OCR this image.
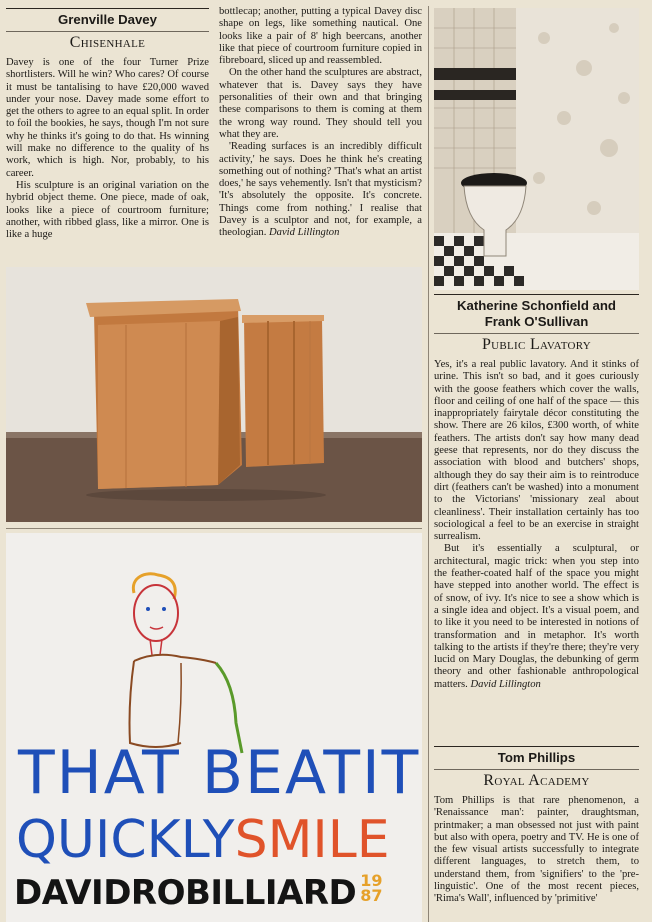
Grenville Davey
Chisenhale

Davey is one of the four Turner Prize shortlisters. Will he win? Who cares? Of course it must be tantalising to have £20,000 waved under your nose. Davey made some effort to get the others to agree to an equal split. In order to foil the bookies, he says, though I'm not sure why he thinks it's going to do that. Hs winning will make no difference to the quality of hs work, which is high. Nor, probably, to his career.

His sculpture is an original variation on the hybrid object theme. One piece, made of oak, looks like a piece of courtroom furniture; another, with ribbed glass, like a mirror. One is like a huge

bottlecap; another, putting a typical Davey disc shape on legs, like something nautical. One looks like a pair of 8' high beercans, another like that piece of courtroom furniture copied in fibreboard, sliced up and reassembled.

On the other hand the sculptures are abstract, whatever that is. Davey says they have personalities of their own and that bringing these comparisons to them is coming at them the wrong way round. They should tell you what they are.

'Reading surfaces is an incredibly difficult activity,' he says. Does he think he's creating something out of nothing? 'That's what an artist does,' he says vehemently. Isn't that mysticism? 'It's absolutely the opposite. It's concrete. Things come from nothing.' I realise that Davey is a sculptor and not, for example, a theologian. David Lillington

THAT BEATIT
QUICKLYSMILE
DAVIDROBILLIARD 19
87
Katherine Schonfield and
Frank O'Sullivan
Public Lavatory

Yes, it's a real public lavatory. And it stinks of urine. This isn't so bad, and it goes curiously with the goose feathers which cover the walls, floor and ceiling of one half of the space — this inappropriately fairytale décor constituting the show. There are 26 kilos, £300 worth, of white feathers. The artists don't say how many dead geese that represents, nor do they discuss the association with blood and butchers' shops, although they do say their aim is to reintroduce dirt (feathers can't be washed) into a monument to the Victorians' 'missionary zeal about cleanliness'. Their installation certainly has too sociological a feel to be an exercise in straight surrealism.

But it's essentially a sculptural, or architectural, magic trick: when you step into the feather-coated half of the space you might have stepped into another world. The effect is of snow, of ivy. It's nice to see a show which is a single idea and object. It's a visual poem, and to like it you need to be interested in notions of transformation and in metaphor. It's worth talking to the artists if they're there; they're very lucid on Mary Douglas, the debunking of germ theory and other fashionable anthropological matters. David Lillington

Tom Phillips
Royal Academy

Tom Phillips is that rare phenomenon, a 'Renaissance man': painter, draughtsman, printmaker; a man obsessed not just with paint but also with opera, poetry and TV. He is one of the few visual artists successfully to integrate different languages, to stretch them, to understand them, from 'signifiers' to the 'pre-linguistic'. One of the most recent pieces, 'Rima's Wall', influenced by 'primitive'
